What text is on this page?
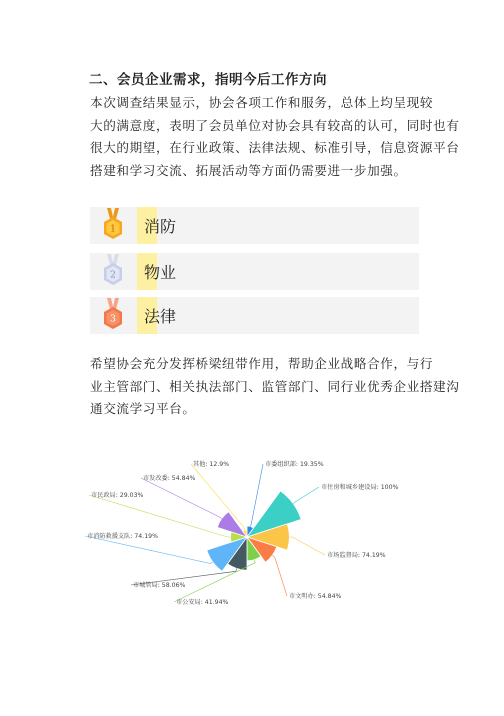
二、会员企业需求，指明今后工作方向
本次调查结果显示，协会各项工作和服务，总体上均呈现较
大的满意度，表明了会员单位对协会具有较高的认可，同时也有
很大的期望，在行业政策、法律法规、标准引导，信息资源平台
搭建和学习交流、拓展活动等方面仍需要进一步加强。
1 消防
2 物业
3 法律
希望协会充分发挥桥梁纽带作用，帮助企业战略合作，与行
业主管部门、相关执法部门、监管部门、同行业优秀企业搭建沟
通交流学习平台。
市委组织部: 19.35%
市住房和城乡建设局: 100%
市场监督局: 74.19%
市文明办: 54.84%
市公安局: 41.94%
市城管局: 58.06%
市消防救援支队: 74.19%
市民政局: 29.03%
市发改委: 54.84%
其他: 12.9%
